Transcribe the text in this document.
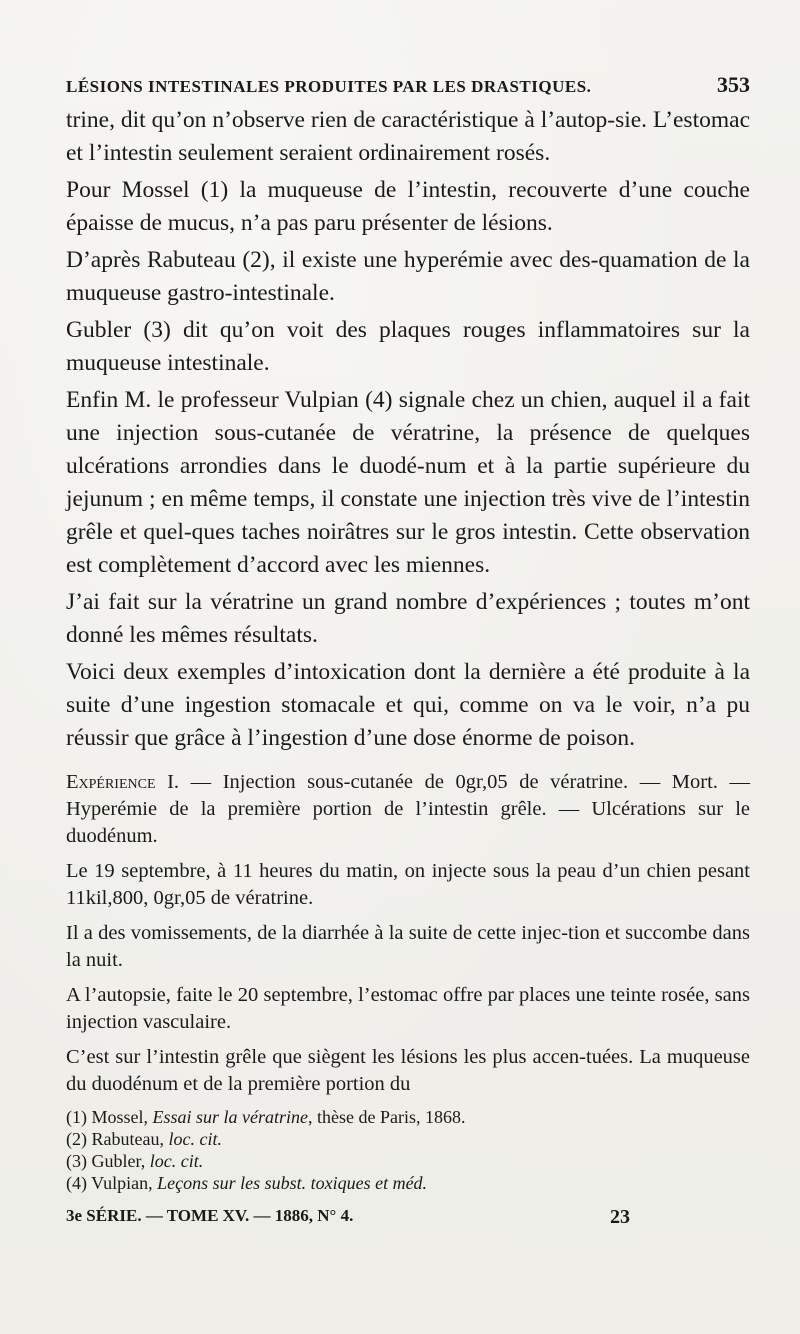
LÉSIONS INTESTINALES PRODUITES PAR LES DRASTIQUES.	353

trine, dit qu’on n’observe rien de caractéristique à l’autop-sie. L’estomac et l’intestin seulement seraient ordinairement rosés.

Pour Mossel (1) la muqueuse de l’intestin, recouverte d’une couche épaisse de mucus, n’a pas paru présenter de lésions.

D’après Rabuteau (2), il existe une hyperémie avec des-quamation de la muqueuse gastro-intestinale.

Gubler (3) dit qu’on voit des plaques rouges inflammatoires sur la muqueuse intestinale.

Enfin M. le professeur Vulpian (4) signale chez un chien, auquel il a fait une injection sous-cutanée de vératrine, la présence de quelques ulcérations arrondies dans le duodé-num et à la partie supérieure du jejunum ; en même temps, il constate une injection très vive de l’intestin grêle et quel-ques taches noirâtres sur le gros intestin. Cette observation est complètement d’accord avec les miennes.

J’ai fait sur la vératrine un grand nombre d’expériences ; toutes m’ont donné les mêmes résultats.

Voici deux exemples d’intoxication dont la dernière a été produite à la suite d’une ingestion stomacale et qui, comme on va le voir, n’a pu réussir que grâce à l’ingestion d’une dose énorme de poison.

Expérience I. — Injection sous-cutanée de 0gr,05 de vératrine. — Mort. — Hyperémie de la première portion de l’intestin grêle. — Ulcérations sur le duodénum.

Le 19 septembre, à 11 heures du matin, on injecte sous la peau d’un chien pesant 11kil,800, 0gr,05 de vératrine.

Il a des vomissements, de la diarrhée à la suite de cette injec-tion et succombe dans la nuit.

A l’autopsie, faite le 20 septembre, l’estomac offre par places une teinte rosée, sans injection vasculaire.

C’est sur l’intestin grêle que siègent les lésions les plus accen-tuées. La muqueuse du duodénum et de la première portion du

(1) Mossel, Essai sur la vératrine, thèse de Paris, 1868.
(2) Rabuteau, loc. cit.
(3) Gubler, loc. cit.
(4) Vulpian, Leçons sur les subst. toxiques et méd.
3e SÉRIE. — TOME XV. — 1886, N° 4.	23
